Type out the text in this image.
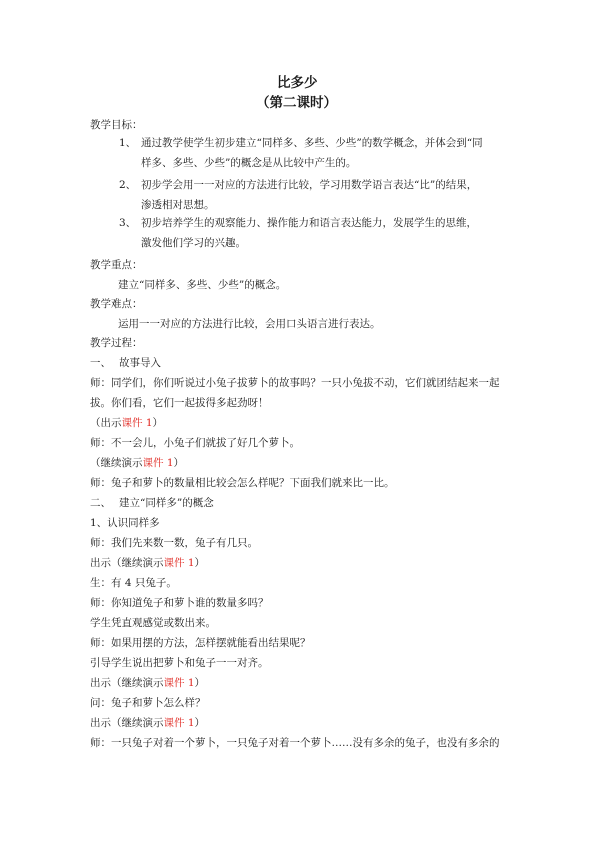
比多少
（第二课时）
教学目标：
1、 通过教学使学生初步建立“同样多、多些、少些”的数学概念，并体会到“同样多、多些、少些”的概念是从比较中产生的。
2、 初步学会用一一对应的方法进行比较，学习用数学语言表达“比”的结果，渗透相对思想。
3、 初步培养学生的观察能力、操作能力和语言表达能力，发展学生的思维，激发他们学习的兴趣。
教学重点：
建立“同样多、多些、少些”的概念。
教学难点：
运用一一对应的方法进行比较，会用口头语言进行表达。
教学过程：
一、 故事导入
师：同学们，你们听说过小兔子拔萝卜的故事吗？一只小兔拔不动，它们就团结起来一起
拔。你们看，它们一起拔得多起劲呀！
（出示课件 1）
师：不一会儿，小兔子们就拔了好几个萝卜。
（继续演示课件 1）
师：兔子和萝卜的数量相比较会怎么样呢？下面我们就来比一比。
二、 建立“同样多”的概念
1、认识同样多
师：我们先来数一数，兔子有几只。
出示（继续演示课件 1）
生：有 4 只兔子。
师：你知道兔子和萝卜谁的数量多吗？
学生凭直观感觉或数出来。
师：如果用摆的方法，怎样摆就能看出结果呢？
引导学生说出把萝卜和兔子一一对齐。
出示（继续演示课件 1）
问：兔子和萝卜怎么样？
出示（继续演示课件 1）
师：一只兔子对着一个萝卜，一只兔子对着一个萝卜……没有多余的兔子，也没有多余的
